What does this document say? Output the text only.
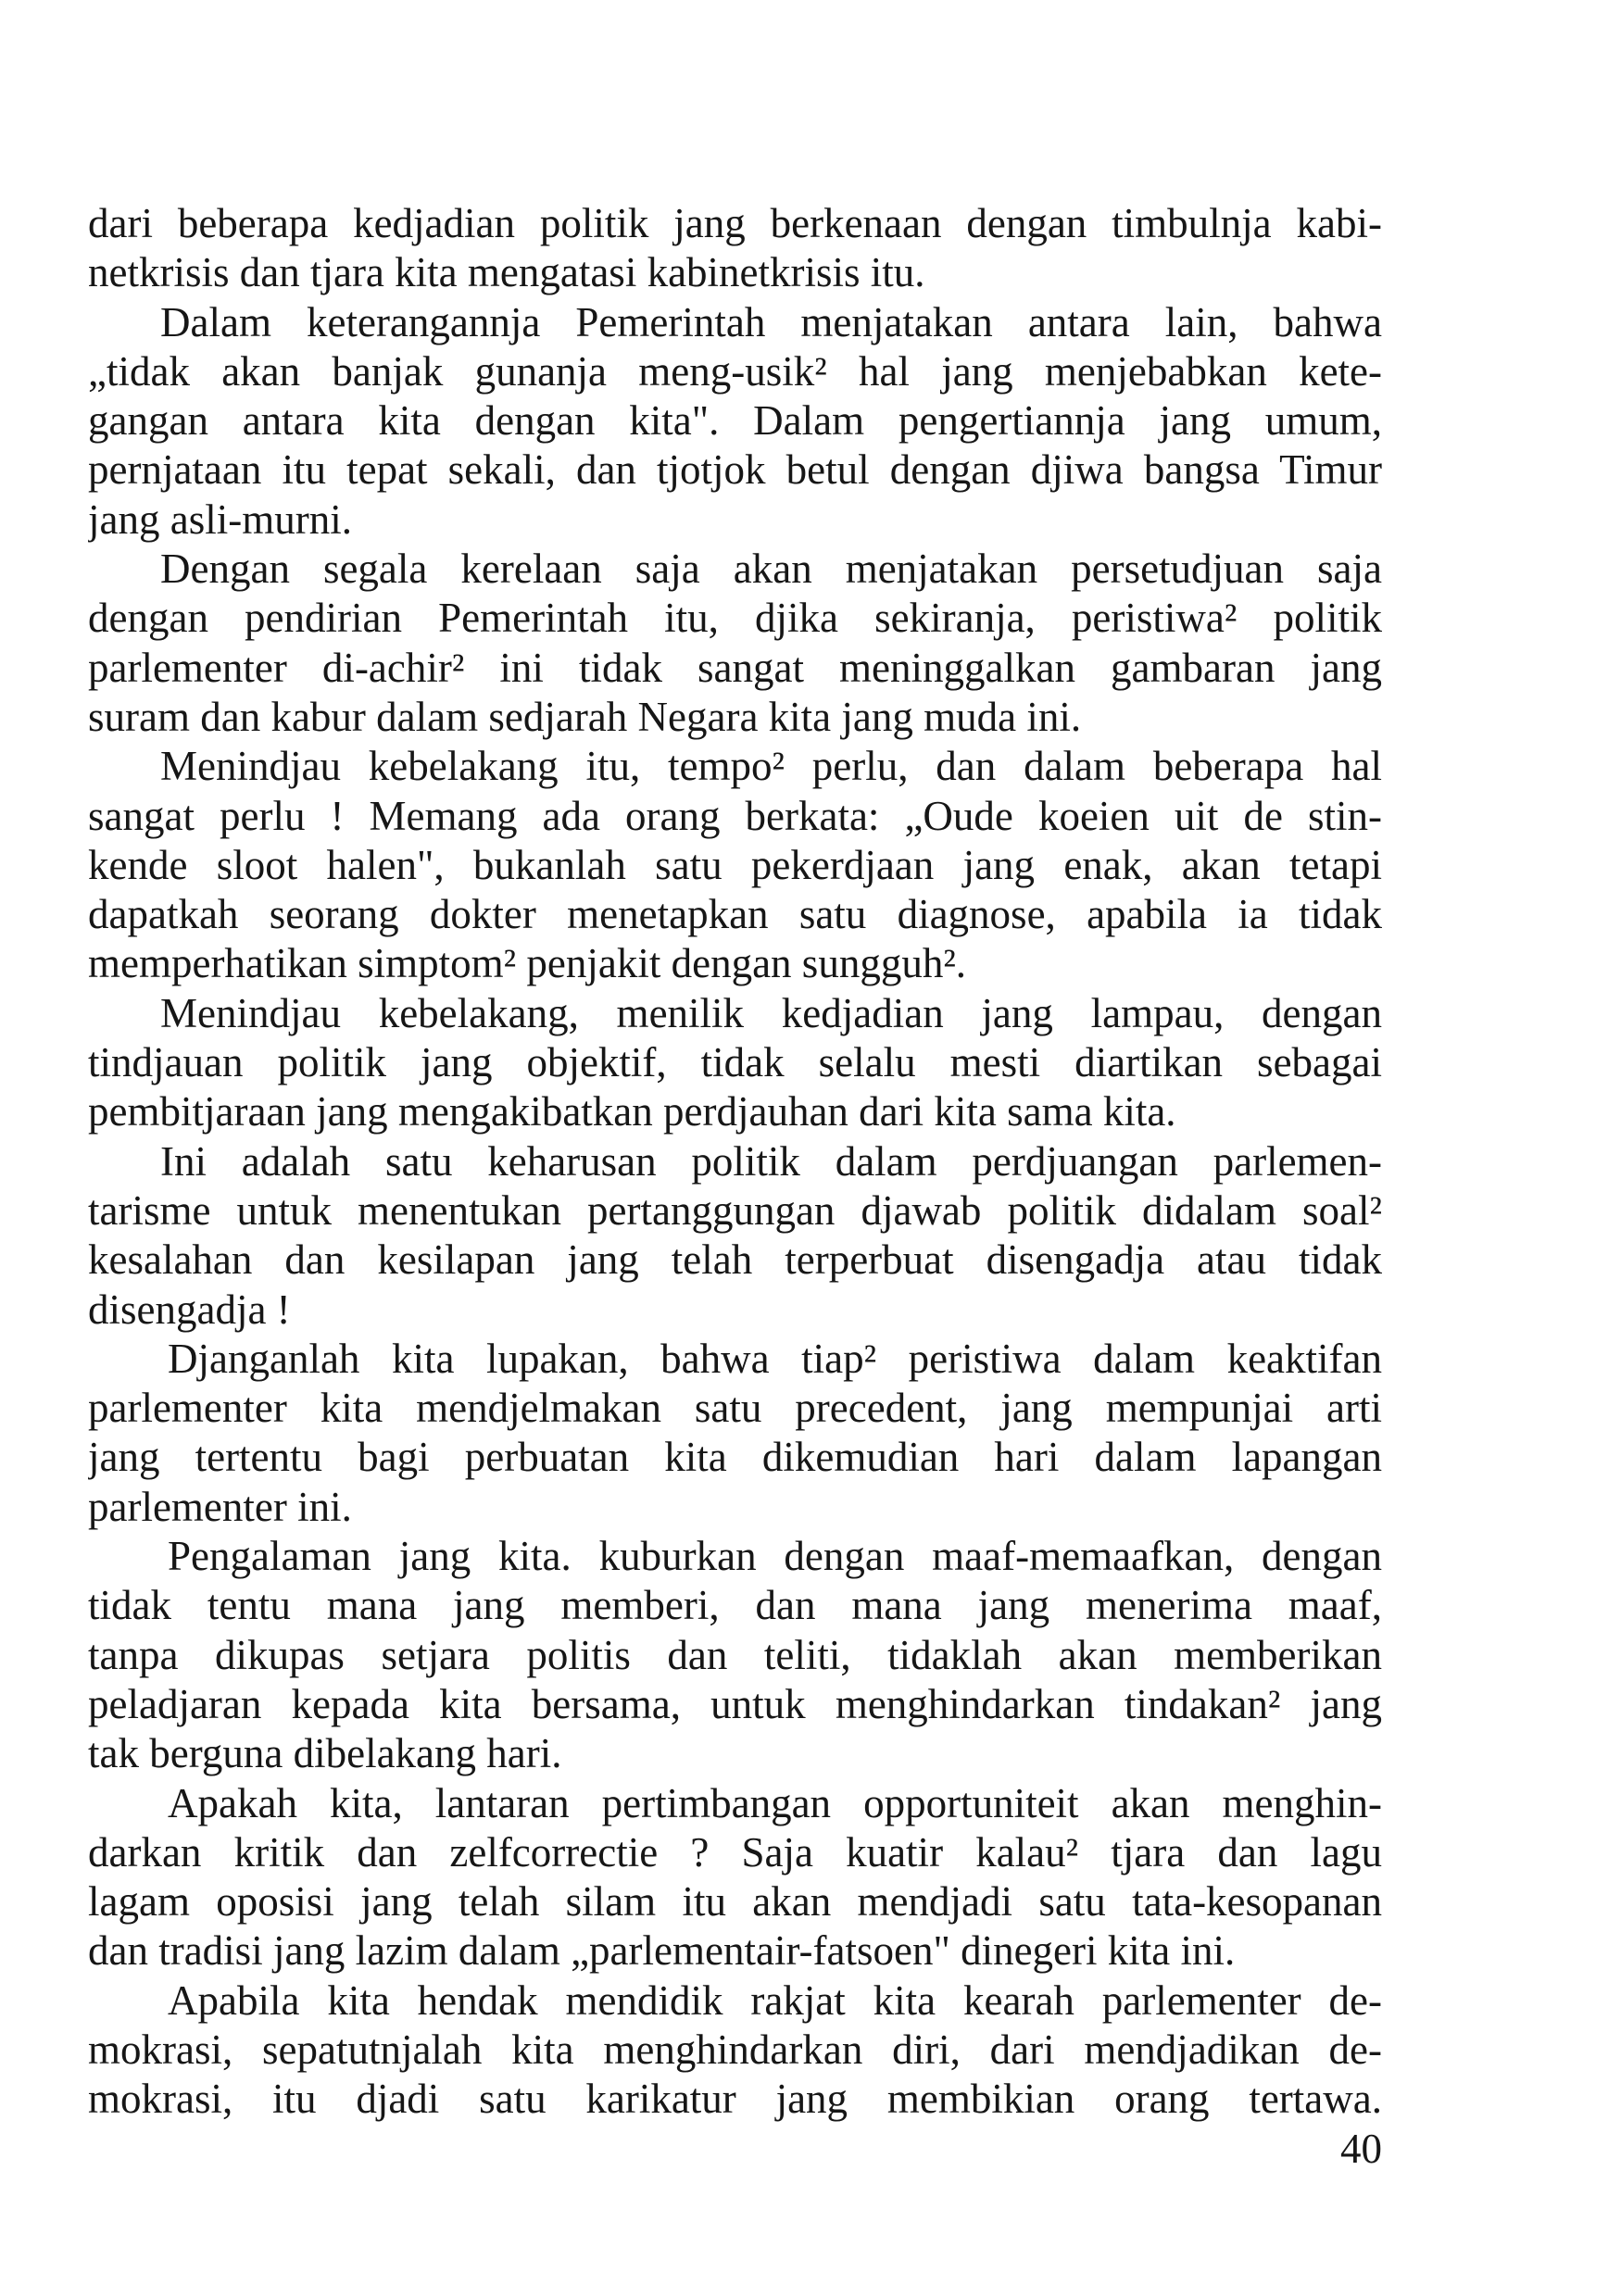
dari beberapa kedjadian politik jang berkenaan dengan timbulnja kabi-
netkrisis dan tjara kita mengatasi kabinetkrisis itu.
Dalam keterangannja Pemerintah menjatakan antara lain, bahwa
„tidak akan banjak gunanja meng-usik² hal jang menjebabkan kete-
gangan antara kita dengan kita". Dalam pengertiannja jang umum,
pernjataan itu tepat sekali, dan tjotjok betul dengan djiwa bangsa Timur
jang asli-murni.
Dengan segala kerelaan saja akan menjatakan persetudjuan saja
dengan pendirian Pemerintah itu, djika sekiranja, peristiwa² politik
parlementer di-achir² ini tidak sangat meninggalkan gambaran jang
suram dan kabur dalam sedjarah Negara kita jang muda ini.
Menindjau kebelakang itu, tempo² perlu, dan dalam beberapa hal
sangat perlu ! Memang ada orang berkata: „Oude koeien uit de stin-
kende sloot halen", bukanlah satu pekerdjaan jang enak, akan tetapi
dapatkah seorang dokter menetapkan satu diagnose, apabila ia tidak
memperhatikan simptom² penjakit dengan sungguh².
Menindjau kebelakang, menilik kedjadian jang lampau, dengan
tindjauan politik jang objektif, tidak selalu mesti diartikan sebagai
pembitjaraan jang mengakibatkan perdjauhan dari kita sama kita.
Ini adalah satu keharusan politik dalam perdjuangan parlemen-
tarisme untuk menentukan pertanggungan djawab politik didalam soal²
kesalahan dan kesilapan jang telah terperbuat disengadja atau tidak
disengadja !
Djanganlah kita lupakan, bahwa tiap² peristiwa dalam keaktifan
parlementer kita mendjelmakan satu precedent, jang mempunjai arti
jang tertentu bagi perbuatan kita dikemudian hari dalam lapangan
parlementer ini.
Pengalaman jang kita. kuburkan dengan maaf-memaafkan, dengan
tidak tentu mana jang memberi, dan mana jang menerima maaf,
tanpa dikupas setjara politis dan teliti, tidaklah akan memberikan
peladjaran kepada kita bersama, untuk menghindarkan tindakan² jang
tak berguna dibelakang hari.
Apakah kita, lantaran pertimbangan opportuniteit akan menghin-
darkan kritik dan zelfcorrectie ? Saja kuatir kalau² tjara dan lagu
lagam oposisi jang telah silam itu akan mendjadi satu tata-kesopanan
dan tradisi jang lazim dalam „parlementair-fatsoen" dinegeri kita ini.
Apabila kita hendak mendidik rakjat kita kearah parlementer de-
mokrasi, sepatutnjalah kita menghindarkan diri, dari mendjadikan de-
mokrasi, itu djadi satu karikatur jang membikian orang tertawa.
40
